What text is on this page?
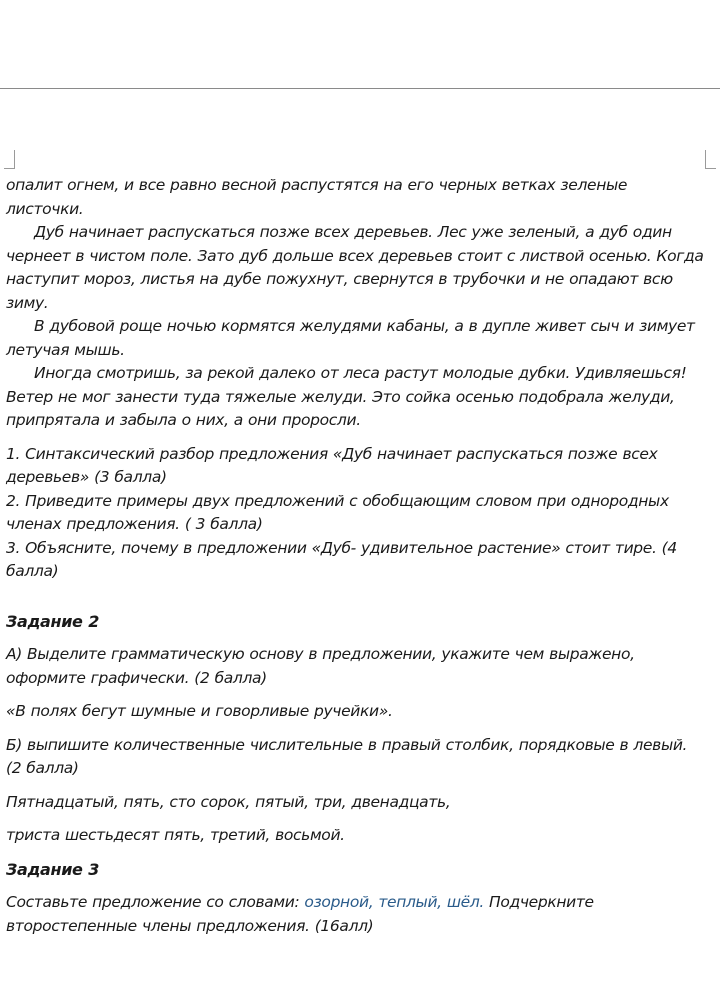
опалит огнем, и все равно весной распустятся на его черных ветках зеленые листочки.

Дуб начинает распускаться позже всех деревьев. Лес уже зеленый, а дуб один чернеет в чистом поле. Зато дуб дольше всех деревьев стоит с листвой осенью. Когда наступит мороз, листья на дубе пожухнут, свернутся в трубочки и не опадают всю зиму.

В дубовой роще ночью кормятся желудями кабаны, а в дупле живет сыч и зимует летучая мышь.

Иногда смотришь, за рекой далеко от леса растут молодые дубки. Удивляешься! Ветер не мог занести туда тяжелые желуди. Это сойка осенью подобрала желуди, припрятала и забыла о них, а они проросли.

1. Синтаксический разбор предложения «Дуб начинает распускаться позже всех деревьев» (3 балла)

2. Приведите примеры двух предложений с обобщающим словом при однородных членах предложения. ( 3 балла)

3. Объясните, почему в предложении «Дуб- удивительное растение» стоит тире. (4 балла)

Задание 2

А) Выделите грамматическую основу в предложении, укажите чем выражено, оформите графически. (2 балла)

«В полях бегут шумные и говорливые ручейки».

Б) выпишите количественные числительные в правый столбик, порядковые в левый. (2 балла)

Пятнадцатый, пять, сто сорок, пятый, три, двенадцать,

триста шестьдесят пять, третий, восьмой.

Задание 3

Составьте предложение со словами: озорной, теплый, шёл. Подчеркните второстепенные члены предложения. (16алл)
